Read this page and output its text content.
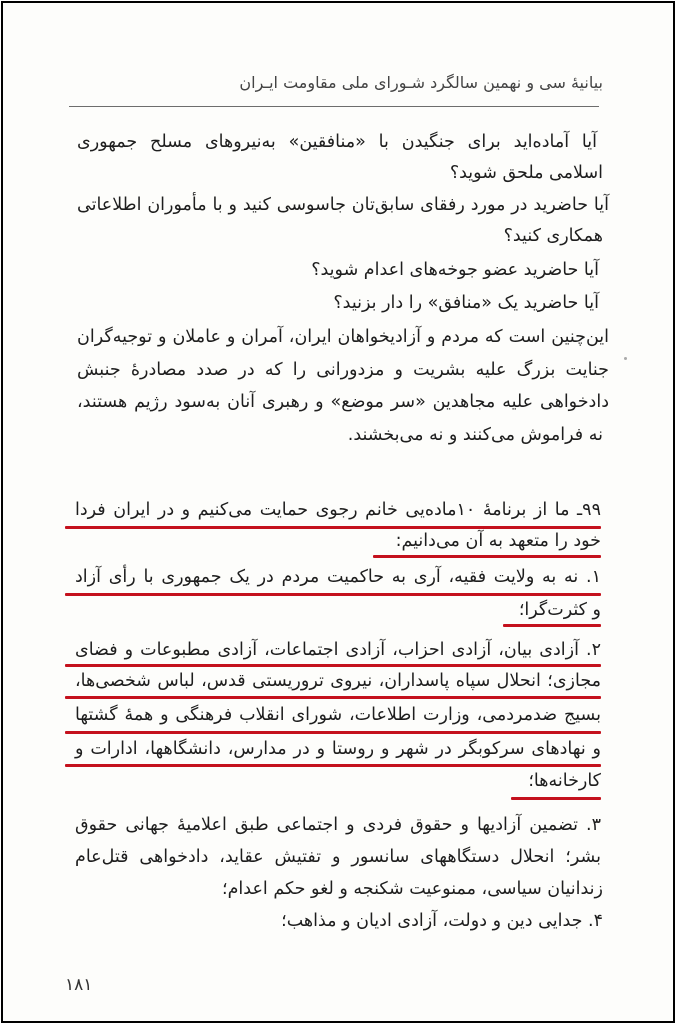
بیانیهٔ سی و نهمین سالگرد شـورای ملی مقاومت ایـران
آیا آماده‌اید برای جنگیدن با «منافقین» به‌نیروهای مسلح جمهوری
اسلامی ملحق شوید؟
آیا حاضرید در مورد رفقای سابق‌تان جاسوسی کنید و با مأموران اطلاعاتی
همکاری کنید؟
آیا حاضرید عضو جوخه‌های اعدام شوید؟
آیا حاضرید یک «منافق» را دار بزنید؟
این‌چنین است که مردم و آزادیخواهان ایران، آمران و عاملان و توجیه‌گران
جنایت بزرگ علیه بشریت و مزدورانی را که در صدد مصادرهٔ جنبش
دادخواهی علیه مجاهدین «سر موضع» و رهبری آنان به‌سود رژیم هستند،
نه فراموش می‌کنند و نه می‌بخشند.
۹۹ـ ما از برنامهٔ ۱۰ماده‌یی خانم رجوی حمایت می‌کنیم و در ایران فردا
خود را متعهد به آن می‌دانیم:
۱. نه به ولایت فقیه، آری به حاکمیت مردم در یک جمهوری با رأی آزاد
و کثرت‌گرا؛
۲. آزادی بیان، آزادی احزاب، آزادی اجتماعات، آزادی مطبوعات و فضای
مجازی؛ انحلال سپاه پاسداران، نیروی تروریستی قدس، لباس شخصی‌ها،
بسیج ضدمردمی، وزارت اطلاعات، شورای انقلاب فرهنگی و همهٔ گشتها
و نهادهای سرکوبگر در شهر و روستا و در مدارس، دانشگاهها، ادارات و
کارخانه‌ها؛
۳. تضمین آزادیها و حقوق فردی و اجتماعی طبق اعلامیهٔ جهانی حقوق
بشر؛ انحلال دستگاههای سانسور و تفتیش عقاید، دادخواهی قتل‌عام
زندانیان سیاسی، ممنوعیت شکنجه و لغو حکم اعدام؛
۴. جدایی دین و دولت، آزادی ادیان و مذاهب؛
۱۸۱
